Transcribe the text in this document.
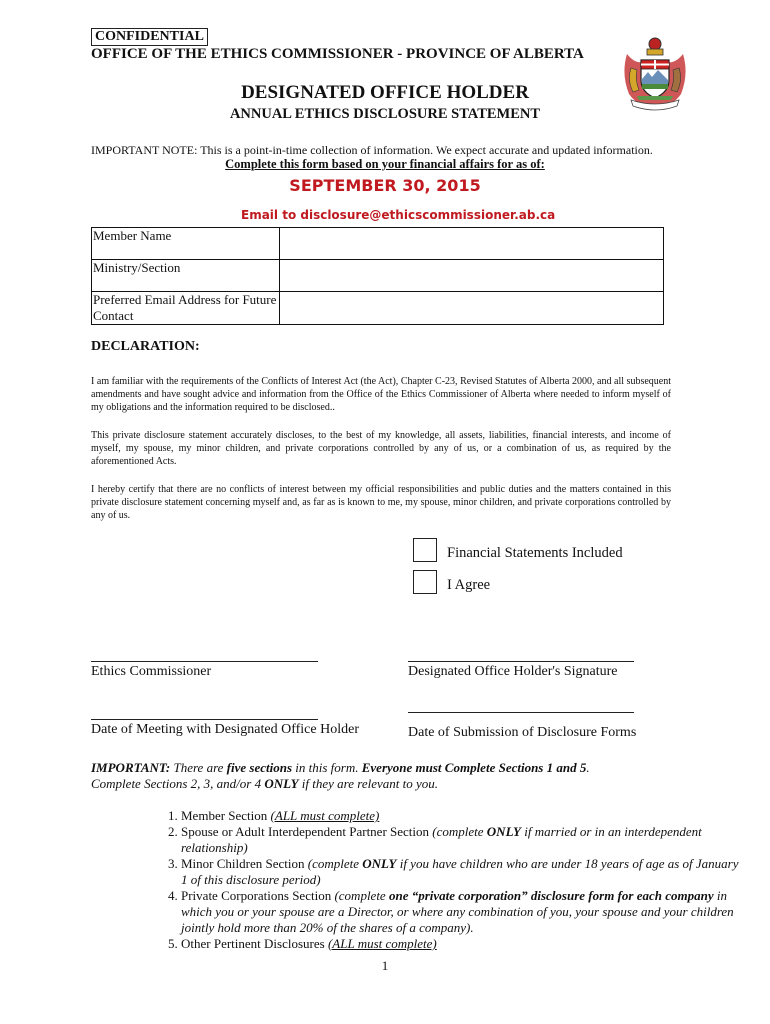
CONFIDENTIAL
OFFICE OF THE ETHICS COMMISSIONER - PROVINCE OF ALBERTA
DESIGNATED OFFICE HOLDER
ANNUAL ETHICS DISCLOSURE STATEMENT
IMPORTANT NOTE: This is a point-in-time collection of information. We expect accurate and updated information.
Complete this form based on your financial affairs for as of:
SEPTEMBER 30, 2015
Email to disclosure@ethicscommissioner.ab.ca
Member Name	
Ministry/Section	
Preferred Email Address for Future Contact	
DECLARATION:
I am familiar with the requirements of the Conflicts of Interest Act (the Act), Chapter C-23, Revised Statutes of Alberta 2000, and all subsequent amendments and have sought advice and information from the Office of the Ethics Commissioner of Alberta where needed to inform myself of my obligations and the information required to be disclosed..
This private disclosure statement accurately discloses, to the best of my knowledge, all assets, liabilities, financial interests, and income of myself, my spouse, my minor children, and private corporations controlled by any of us, or a combination of us, as required by the aforementioned Acts.
I hereby certify that there are no conflicts of interest between my official responsibilities and public duties and the matters contained in this private disclosure statement concerning myself and, as far as is known to me, my spouse, minor children, and private corporations controlled by any of us.
Financial Statements Included
I Agree
Ethics Commissioner	Designated Office Holder's Signature
Date of Meeting with Designated Office Holder	Date of Submission of Disclosure Forms
IMPORTANT: There are five sections in this form. Everyone must Complete Sections 1 and 5.
Complete Sections 2, 3, and/or 4 ONLY if they are relevant to you.
1. Member Section (ALL must complete)
2. Spouse or Adult Interdependent Partner Section (complete ONLY if married or in an interdependent relationship)
3. Minor Children Section (complete ONLY if you have children who are under 18 years of age as of January 1 of this disclosure period)
4. Private Corporations Section (complete one “private corporation” disclosure form for each company in which you or your spouse are a Director, or where any combination of you, your spouse and your children jointly hold more than 20% of the shares of a company).
5. Other Pertinent Disclosures (ALL must complete)
1
